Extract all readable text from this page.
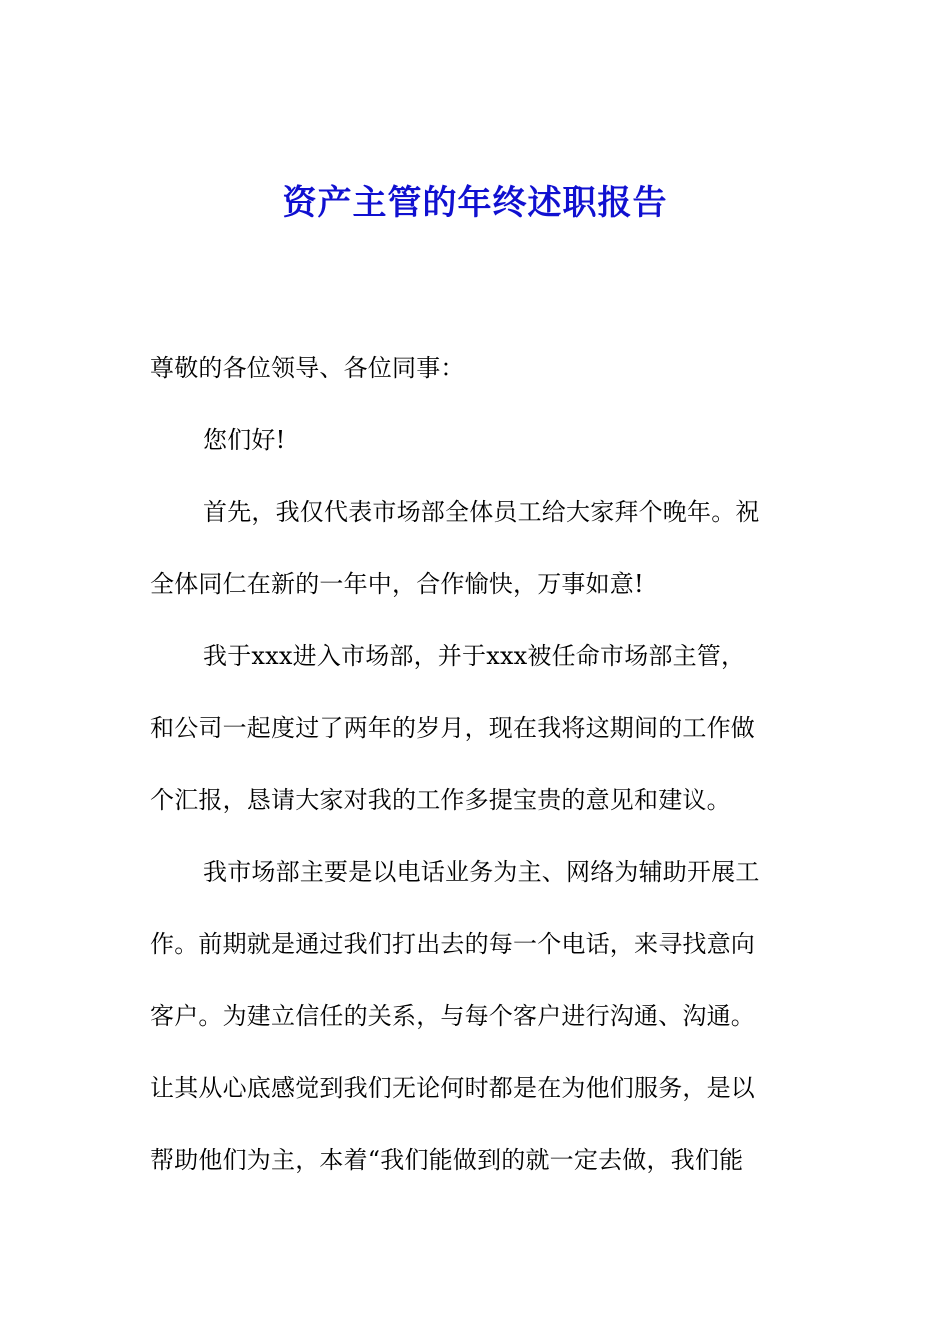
资产主管的年终述职报告
尊敬的各位领导、各位同事：
您们好!
首先，我仅代表市场部全体员工给大家拜个晚年。祝
全体同仁在新的一年中，合作愉快，万事如意!
我于xxx进入市场部，并于xxx被任命市场部主管，
和公司一起度过了两年的岁月，现在我将这期间的工作做
个汇报，恳请大家对我的工作多提宝贵的意见和建议。
我市场部主要是以电话业务为主、网络为辅助开展工
作。前期就是通过我们打出去的每一个电话，来寻找意向
客户。为建立信任的关系，与每个客户进行沟通、沟通。
让其从心底感觉到我们无论何时都是在为他们服务，是以
帮助他们为主，本着“我们能做到的就一定去做，我们能
